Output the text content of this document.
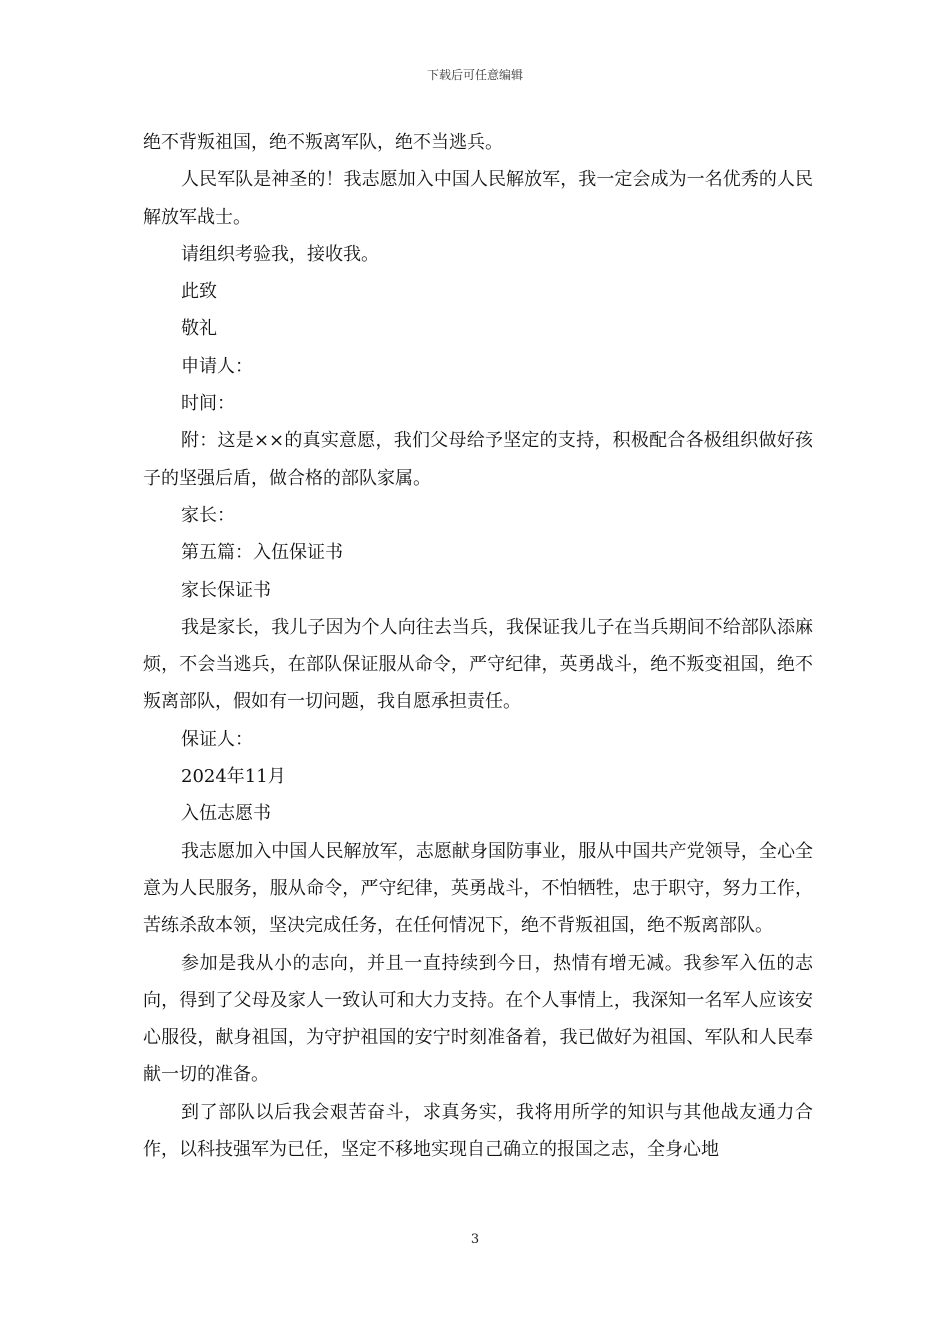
下载后可任意编辑

绝不背叛祖国，绝不叛离军队，绝不当逃兵。

人民军队是神圣的！我志愿加入中国人民解放军，我一定会成为一名优秀的人民解放军战士。

请组织考验我，接收我。

此致

敬礼

申请人：

时间：

附：这是××的真实意愿，我们父母给予坚定的支持，积极配合各极组织做好孩子的坚强后盾，做合格的部队家属。

家长：

第五篇：入伍保证书

家长保证书

我是家长，我儿子因为个人向往去当兵，我保证我儿子在当兵期间不给部队添麻烦，不会当逃兵，在部队保证服从命令，严守纪律，英勇战斗，绝不叛变祖国，绝不叛离部队，假如有一切问题，我自愿承担责任。

保证人：

2024年11月

入伍志愿书

我志愿加入中国人民解放军，志愿献身国防事业，服从中国共产党领导，全心全意为人民服务，服从命令，严守纪律，英勇战斗，不怕牺牲，忠于职守，努力工作，苦练杀敌本领，坚决完成任务，在任何情况下，绝不背叛祖国，绝不叛离部队。

参加是我从小的志向，并且一直持续到今日，热情有增无减。我参军入伍的志向，得到了父母及家人一致认可和大力支持。在个人事情上，我深知一名军人应该安心服役，献身祖国，为守护祖国的安宁时刻准备着，我已做好为祖国、军队和人民奉献一切的准备。

到了部队以后我会艰苦奋斗，求真务实，我将用所学的知识与其他战友通力合作，以科技强军为已任，坚定不移地实现自己确立的报国之志，全身心地

3
